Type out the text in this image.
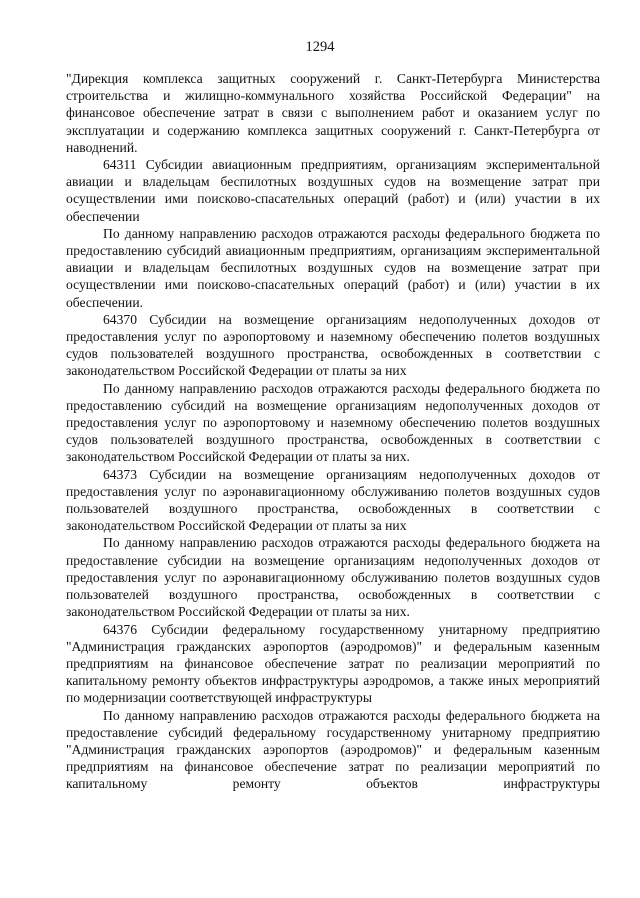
1294

"Дирекция комплекса защитных сооружений г. Санкт-Петербурга Министерства строительства и жилищно-коммунального хозяйства Российской Федерации" на финансовое обеспечение затрат в связи с выполнением работ и оказанием услуг по эксплуатации и содержанию комплекса защитных сооружений г. Санкт-Петербурга от наводнений.

64311 Субсидии авиационным предприятиям, организациям экспериментальной авиации и владельцам беспилотных воздушных судов на возмещение затрат при осуществлении ими поисково-спасательных операций (работ) и (или) участии в их обеспечении

По данному направлению расходов отражаются расходы федерального бюджета по предоставлению субсидий авиационным предприятиям, организациям экспериментальной авиации и владельцам беспилотных воздушных судов на возмещение затрат при осуществлении ими поисково-спасательных операций (работ) и (или) участии в их обеспечении.

64370 Субсидии на возмещение организациям недополученных доходов от предоставления услуг по аэропортовому и наземному обеспечению полетов воздушных судов пользователей воздушного пространства, освобожденных в соответствии с законодательством Российской Федерации от платы за них

По данному направлению расходов отражаются расходы федерального бюджета по предоставлению субсидий на возмещение организациям недополученных доходов от предоставления услуг по аэропортовому и наземному обеспечению полетов воздушных судов пользователей воздушного пространства, освобожденных в соответствии с законодательством Российской Федерации от платы за них.

64373 Субсидии на возмещение организациям недополученных доходов от предоставления услуг по аэронавигационному обслуживанию полетов воздушных судов пользователей воздушного пространства, освобожденных в соответствии с законодательством Российской Федерации от платы за них

По данному направлению расходов отражаются расходы федерального бюджета на предоставление субсидии на возмещение организациям недополученных доходов от предоставления услуг по аэронавигационному обслуживанию полетов воздушных судов пользователей воздушного пространства, освобожденных в соответствии с законодательством Российской Федерации от платы за них.

64376 Субсидии федеральному государственному унитарному предприятию "Администрация гражданских аэропортов (аэродромов)" и федеральным казенным предприятиям на финансовое обеспечение затрат по реализации мероприятий по капитальному ремонту объектов инфраструктуры аэродромов, а также иных мероприятий по модернизации соответствующей инфраструктуры

По данному направлению расходов отражаются расходы федерального бюджета на предоставление субсидий федеральному государственному унитарному предприятию "Администрация гражданских аэропортов (аэродромов)" и федеральным казенным предприятиям на финансовое обеспечение затрат по реализации мероприятий по капитальному ремонту объектов инфраструктуры
